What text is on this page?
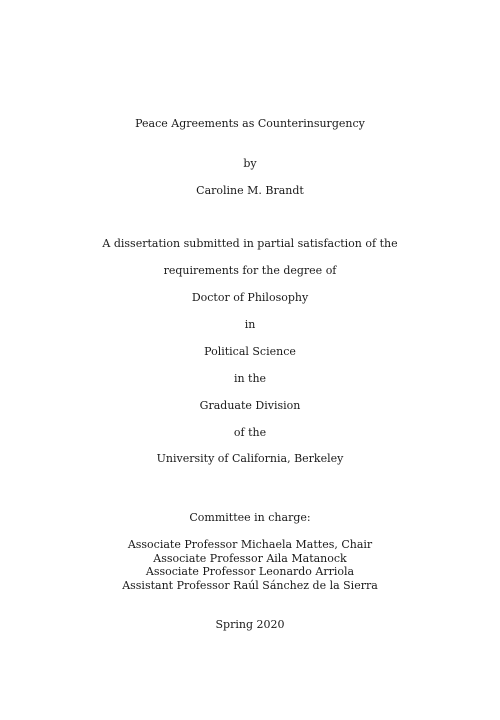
Peace Agreements as Counterinsurgency
by
Caroline M. Brandt
A dissertation submitted in partial satisfaction of the
requirements for the degree of
Doctor of Philosophy
in
Political Science
in the
Graduate Division
of the
University of California, Berkeley
Committee in charge:
Associate Professor Michaela Mattes, Chair
Associate Professor Aila Matanock
Associate Professor Leonardo Arriola
Assistant Professor Raúl Sánchez de la Sierra
Spring 2020
